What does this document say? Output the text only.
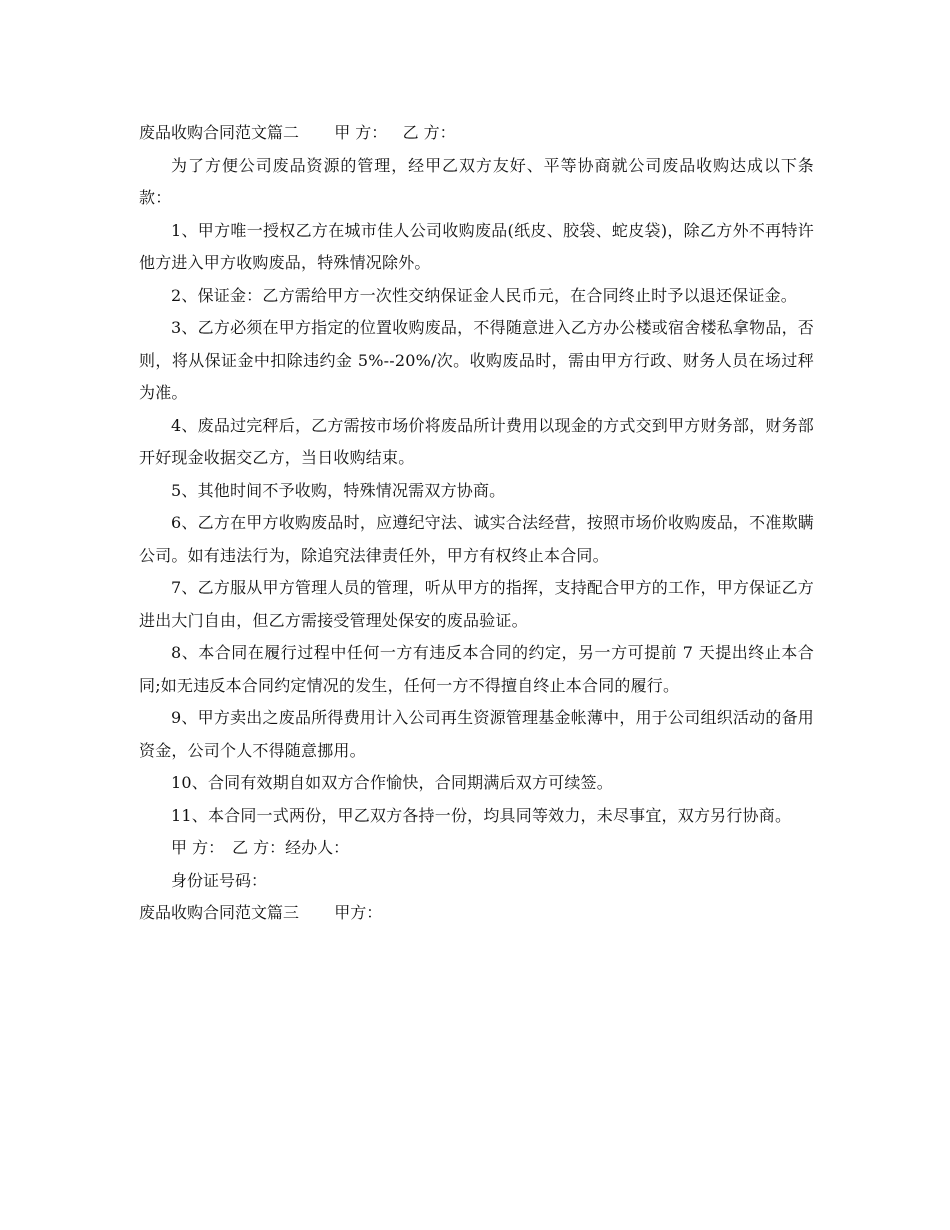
废品收购合同范文篇二 甲 方： 乙 方：

为了方便公司废品资源的管理，经甲乙双方友好、平等协商就公司废品收购达成以下条款：

1、甲方唯一授权乙方在城市佳人公司收购废品(纸皮、胶袋、蛇皮袋)，除乙方外不再特许他方进入甲方收购废品，特殊情况除外。

2、保证金：乙方需给甲方一次性交纳保证金人民币元，在合同终止时予以退还保证金。

3、乙方必须在甲方指定的位置收购废品，不得随意进入乙方办公楼或宿舍楼私拿物品，否则，将从保证金中扣除违约金 5%--20%/次。收购废品时，需由甲方行政、财务人员在场过秤为准。

4、废品过完秤后，乙方需按市场价将废品所计费用以现金的方式交到甲方财务部，财务部开好现金收据交乙方，当日收购结束。

5、其他时间不予收购，特殊情况需双方协商。

6、乙方在甲方收购废品时，应遵纪守法、诚实合法经营，按照市场价收购废品，不准欺瞒公司。如有违法行为，除追究法律责任外，甲方有权终止本合同。

7、乙方服从甲方管理人员的管理，听从甲方的指挥，支持配合甲方的工作，甲方保证乙方进出大门自由，但乙方需接受管理处保安的废品验证。

8、本合同在履行过程中任何一方有违反本合同的约定，另一方可提前 7 天提出终止本合同;如无违反本合同约定情况的发生，任何一方不得擅自终止本合同的履行。

9、甲方卖出之废品所得费用计入公司再生资源管理基金帐薄中，用于公司组织活动的备用资金，公司个人不得随意挪用。

10、合同有效期自如双方合作愉快，合同期满后双方可续签。

11、本合同一式两份，甲乙双方各持一份，均具同等效力，未尽事宜，双方另行协商。

甲 方：　乙 方：经办人：

身份证号码：

废品收购合同范文篇三 甲方：
